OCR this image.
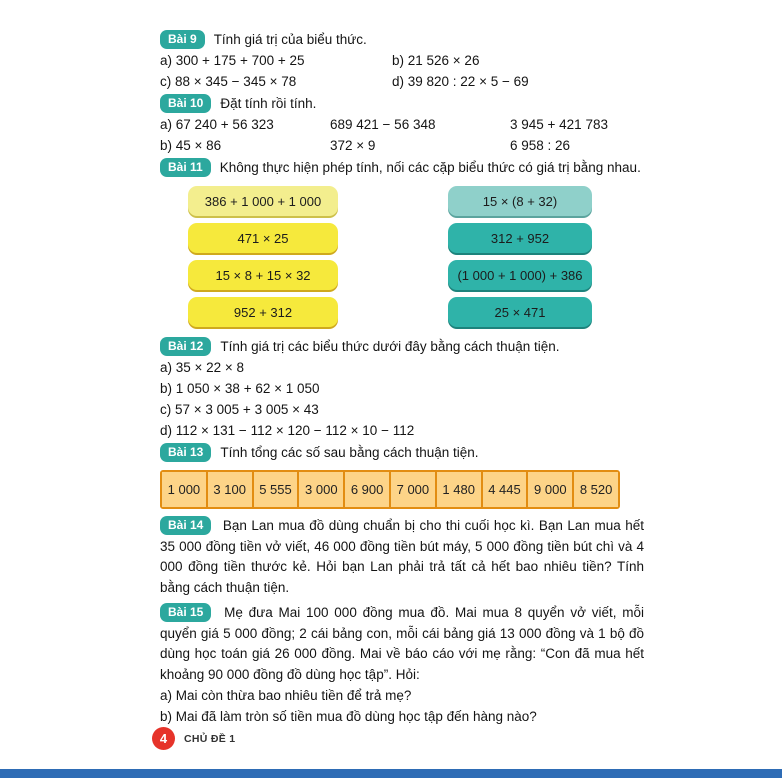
Bài 9	Tính giá trị của biểu thức.
a) 300 + 175 + 700 + 25	b) 21 526 × 26
c) 88 × 345 − 345 × 78	d) 39 820 : 22 × 5 − 69
Bài 10	Đặt tính rồi tính.
a) 67 240 + 56 323	689 421 − 56 348	3 945 + 421 783
b) 45 × 86	372 × 9	6 958 : 26
Bài 11	Không thực hiện phép tính, nối các cặp biểu thức có giá trị bằng nhau.
386 + 1 000 + 1 000
471 × 25
15 × 8 + 15 × 32
952 + 312
15 × (8 + 32)
312 + 952
(1 000 + 1 000) + 386
25 × 471
Bài 12	Tính giá trị các biểu thức dưới đây bằng cách thuận tiện.
a) 35 × 22 × 8
b) 1 050 × 38 + 62 × 1 050
c) 57 × 3 005 + 3 005 × 43
d) 112 × 131 − 112 × 120 − 112 × 10 − 112
Bài 13	Tính tổng các số sau bằng cách thuận tiện.
1 000	3 100	5 555	3 000	6 900	7 000	1 480	4 445	9 000	8 520

Bài 14 Bạn Lan mua đồ dùng chuẩn bị cho thi cuối học kì. Bạn Lan mua hết 35 000 đồng tiền vở viết, 46 000 đồng tiền bút máy, 5 000 đồng tiền bút chì và 4 000 đồng tiền thước kẻ. Hỏi bạn Lan phải trả tất cả hết bao nhiêu tiền? Tính bằng cách thuận tiện.

Bài 15 Mẹ đưa Mai 100 000 đồng mua đồ. Mai mua 8 quyển vở viết, mỗi quyển giá 5 000 đồng; 2 cái bảng con, mỗi cái bảng giá 13 000 đồng và 1 bộ đồ dùng học toán giá 26 000 đồng. Mai về báo cáo với mẹ rằng: “Con đã mua hết khoảng 90 000 đồng đồ dùng học tập”. Hỏi:

a) Mai còn thừa bao nhiêu tiền để trả mẹ?
b) Mai đã làm tròn số tiền mua đồ dùng học tập đến hàng nào?
4	CHỦ ĐỀ 1
